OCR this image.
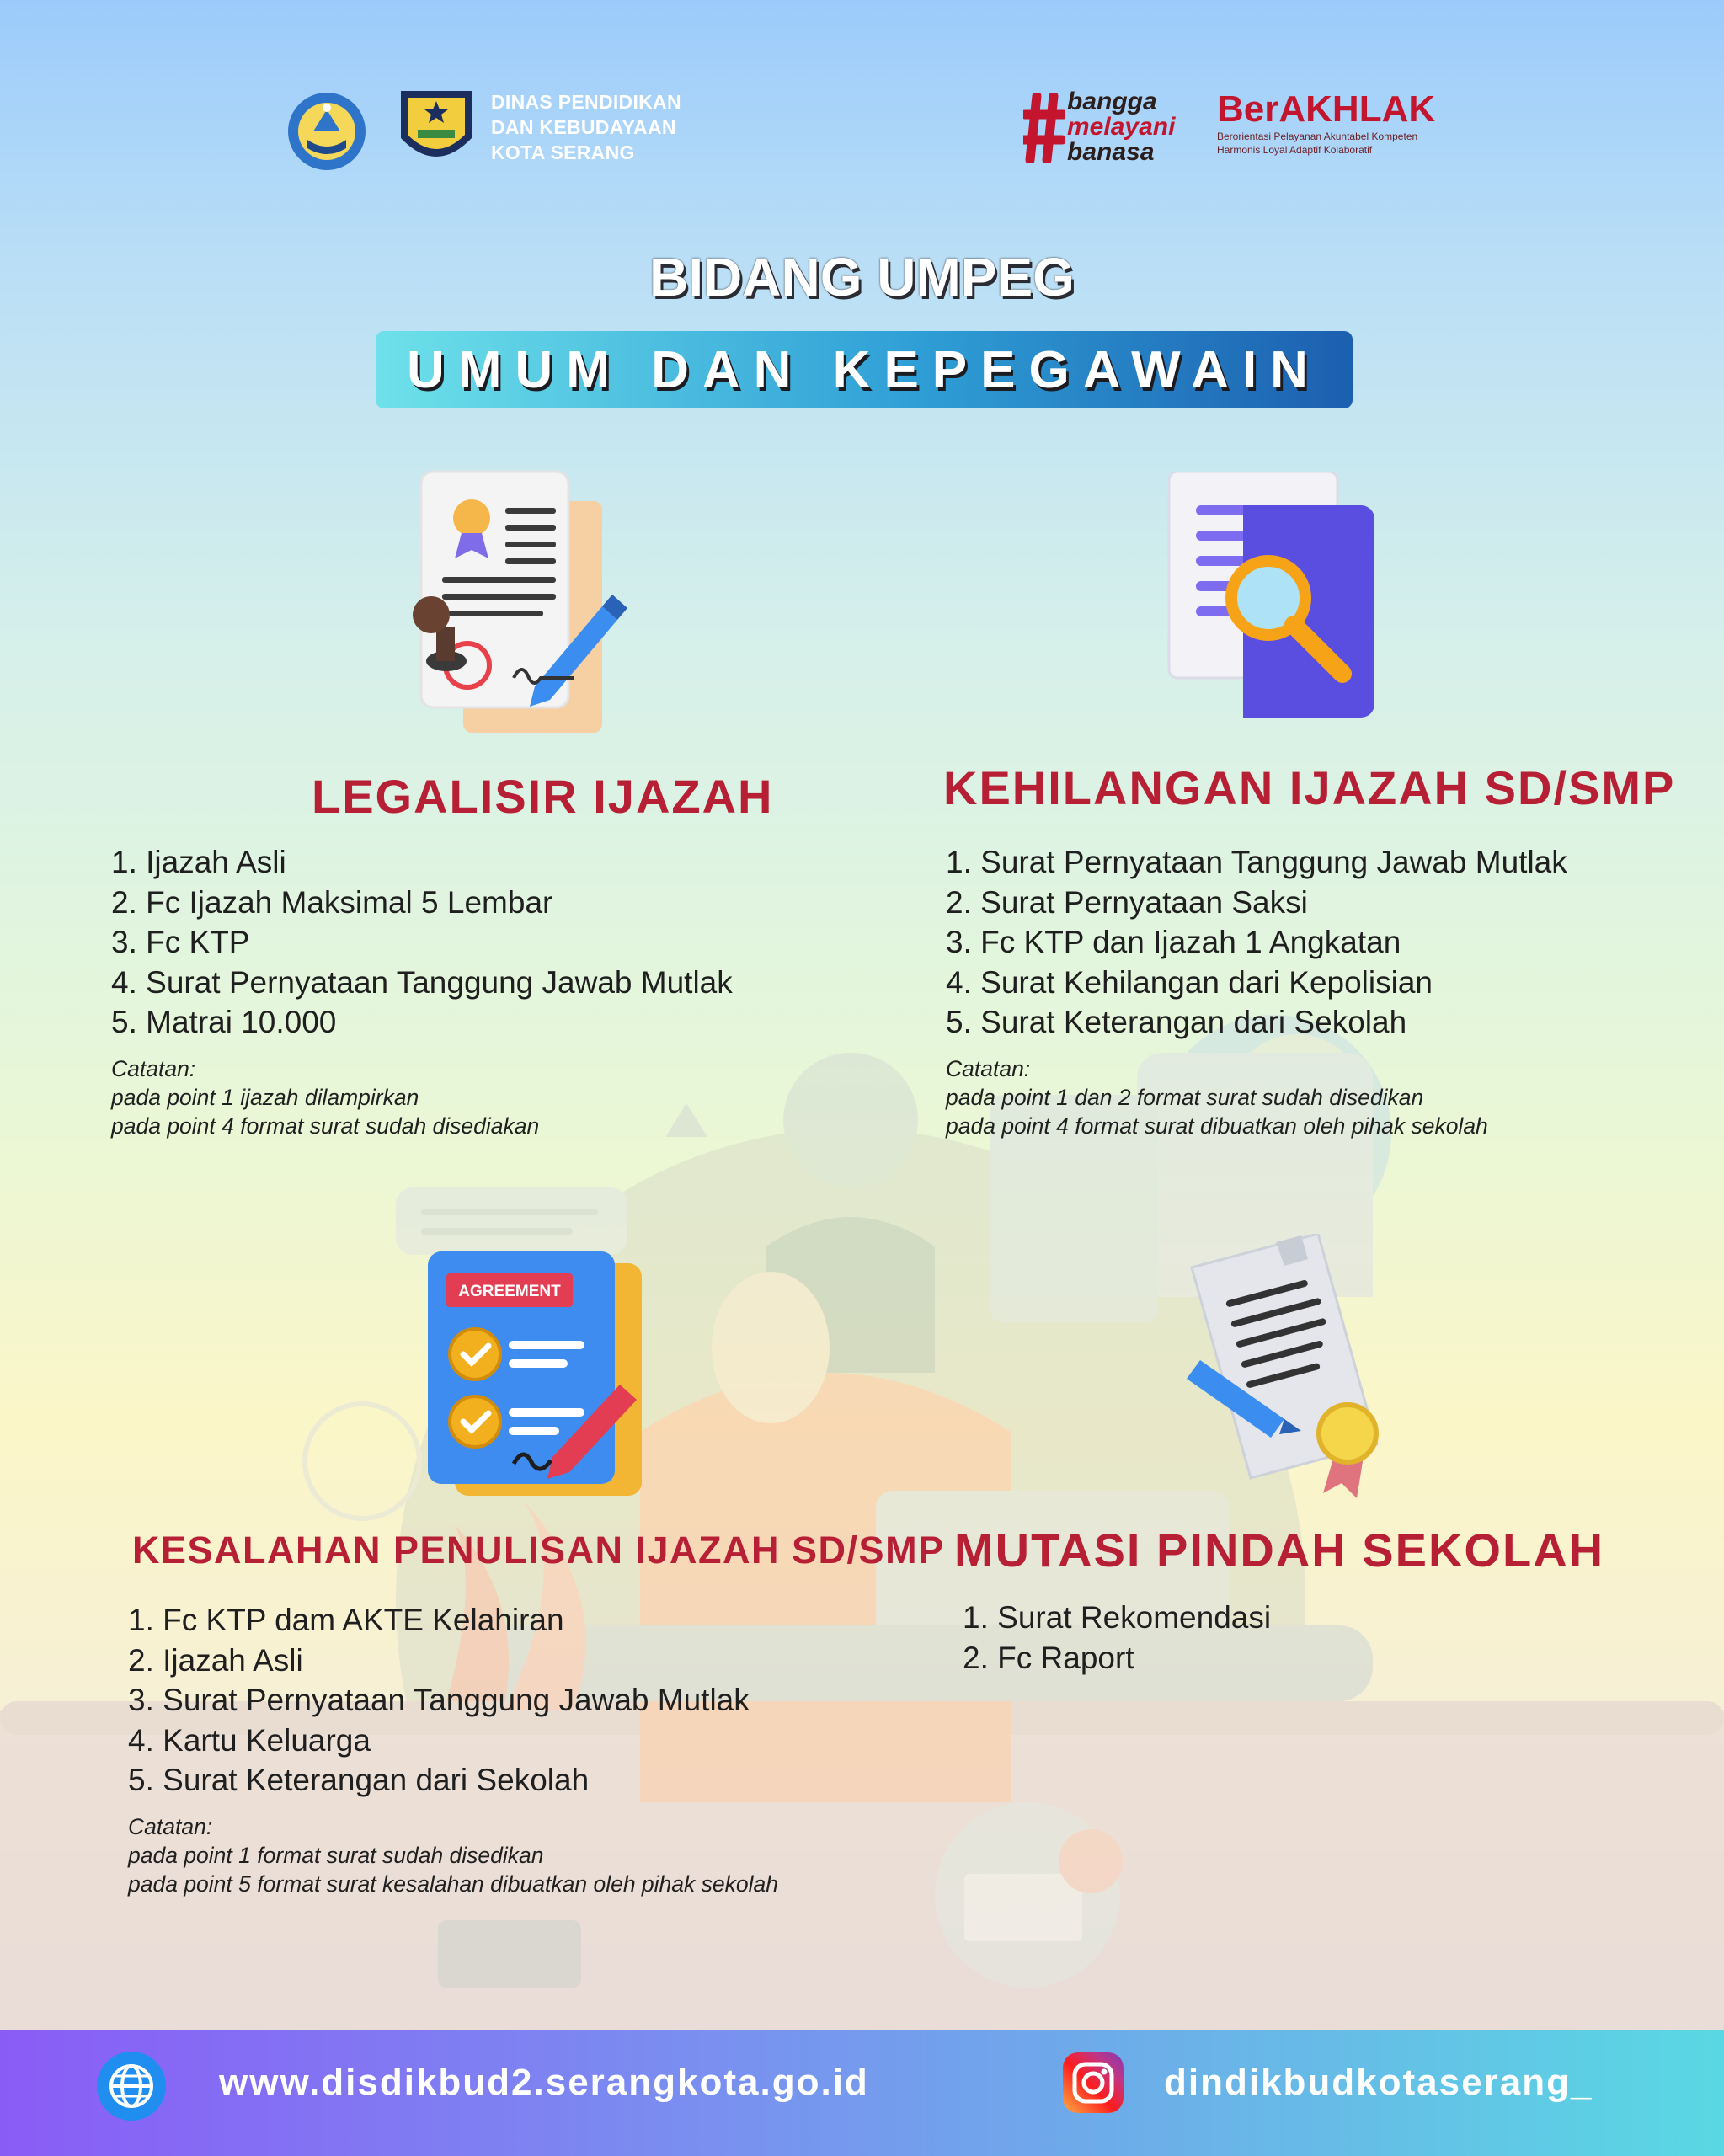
DINAS PENDIDIKAN
DAN KEBUDAYAAN
KOTA SERANG
bangga
melayani
banasa
BerAKHLAK
Berorientasi Pelayanan Akuntabel Kompeten Harmonis Loyal Adaptif Kolaboratif
BIDANG UMPEG
UMUM DAN KEPEGAWAIN
AGREEMENT
LEGALISIR IJAZAH
1. Ijazah Asli
2. Fc Ijazah Maksimal 5 Lembar
3. Fc KTP
4. Surat Pernyataan Tanggung Jawab Mutlak
5. Matrai 10.000
Catatan:
pada point 1 ijazah dilampirkan
pada point 4 format surat sudah disediakan
KEHILANGAN IJAZAH SD/SMP
1. Surat Pernyataan Tanggung Jawab Mutlak
2. Surat Pernyataan Saksi
3. Fc KTP dan Ijazah 1 Angkatan
4. Surat Kehilangan dari Kepolisian
5. Surat Keterangan dari Sekolah
Catatan:
pada point 1 dan 2 format surat sudah disedikan
pada point 4 format surat dibuatkan oleh pihak sekolah
KESALAHAN PENULISAN IJAZAH SD/SMP
1. Fc KTP dam AKTE Kelahiran
2. Ijazah Asli
3. Surat Pernyataan Tanggung Jawab Mutlak
4. Kartu Keluarga
5. Surat Keterangan dari Sekolah
Catatan:
pada point 1 format surat sudah disedikan
pada point 5 format surat kesalahan dibuatkan oleh pihak sekolah
MUTASI PINDAH SEKOLAH
1. Surat Rekomendasi
2. Fc Raport
www.disdikbud2.serangkota.go.id	dindikbudkotaserang_
